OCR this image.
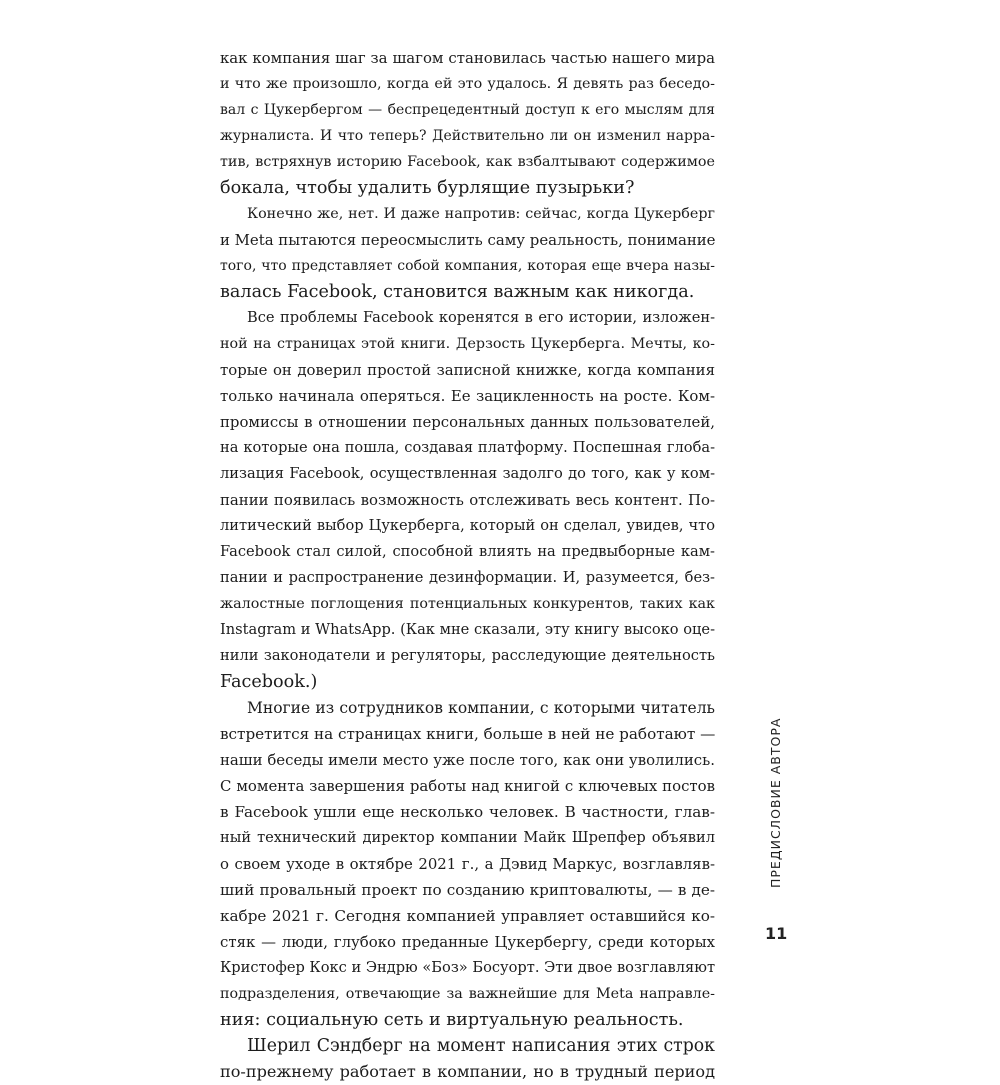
как компания шаг за шагом становилась частью нашего мира
и что же произошло, когда ей это удалось. Я девять раз беседо-
вал с Цукербергом — беспрецедентный доступ к его мыслям для
журналиста. И что теперь? Действительно ли он изменил нарра-
тив, встряхнув историю Facebook, как взбалтывают содержимое
бокала, чтобы удалить бурлящие пузырьки?
Конечно же, нет. И даже напротив: сейчас, когда Цукерберг
и Meta пытаются переосмыслить саму реальность, понимание
того, что представляет собой компания, которая еще вчера назы-
валась Facebook, становится важным как никогда.
Все проблемы Facebook коренятся в его истории, изложен-
ной на страницах этой книги. Дерзость Цукерберга. Мечты, ко-
торые он доверил простой записной книжке, когда компания
только начинала оперяться. Ее зацикленность на росте. Ком-
промиссы в отношении персональных данных пользователей,
на которые она пошла, создавая платформу. Поспешная глоба-
лизация Facebook, осуществленная задолго до того, как у ком-
пании появилась возможность отслеживать весь контент. По-
литический выбор Цукерберга, который он сделал, увидев, что
Facebook стал силой, способной влиять на предвыборные кам-
пании и распространение дезинформации. И, разумеется, без-
жалостные поглощения потенциальных конкурентов, таких как
Instagram и WhatsApp. (Как мне сказали, эту книгу высоко оце-
нили законодатели и регуляторы, расследующие деятельность
Facebook.)
Многие из сотрудников компании, с которыми читатель
встретится на страницах книги, больше в ней не работают —
наши беседы имели место уже после того, как они уволились.
С момента завершения работы над книгой с ключевых постов
в Facebook ушли еще несколько человек. В частности, глав-
ный технический директор компании Майк Шрепфер объявил
о своем уходе в октябре 2021 г., а Дэвид Маркус, возглавляв-
ший провальный проект по созданию криптовалюты, — в де-
кабре 2021 г. Сегодня компанией управляет оставшийся ко-
стяк — люди, глубоко преданные Цукербергу, среди которых
Кристофер Кокс и Эндрю «Боз» Босуорт. Эти двое возглавляют
подразделения, отвечающие за важнейшие для Meta направле-
ния: социальную сеть и виртуальную реальность.
Шерил Сэндберг на момент написания этих строк
по-прежнему работает в компании, но в трудный период
ПРЕДИСЛОВИЕ АВТОРА
11
